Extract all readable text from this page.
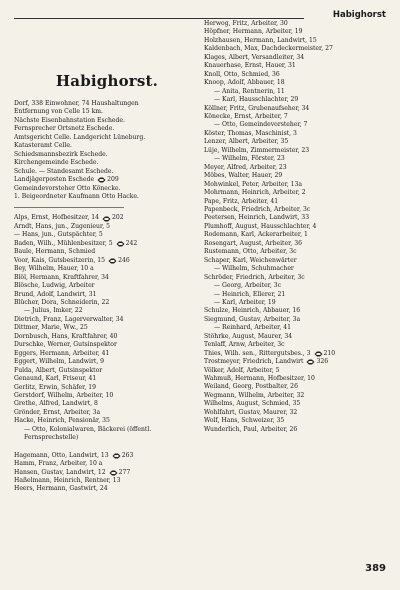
Habighorst
Habighorst.
Dorf, 338 Einwohner, 74 Haushaltungen
Entfernung von Celle 15 km.
Nächste Eisenbahnstation Eschede.
Fernsprecher Ortsnetz Eschede.
Amtsgericht Celle. Landgericht Lüneburg.
Katasteramt Celle.
Schiedsmannsbezirk Eschede.
Kirchengemeinde Eschede.
Schule. — Standesamt Eschede.
Landjägerposten Eschede 209
Gemeindevorsteher Otto Könecke.
1. Beigeordneter Kaufmann Otto Hacke.
Alps, Ernst, Hofbesitzer, 14 202
Arndt, Hans, jun., Zugenieur, 5
— Hans, jun., Gutspächter, 5
Baden, Wilh., Mühlenbesitzer, 5 242
Baule, Hermann, Schmied
Voor, Kais, Gutsbesitzerin, 15 246
Bey, Wilhelm, Hauer, 10 a
Blöl, Hermann, Kraftfahrer, 34
Blösche, Ludwig, Arbeiter
Brund, Adolf, Landwirt, 31
Blücher, Dora, Schneiderin, 22
— Julius, Imker, 22
Dietrich, Franz, Lagerverwalter, 34
Dittmer, Marie, Ww., 25
Dornbusch, Hans, Kraftfahrer, 40
Durschke, Werner, Gutsinspektor
Eggers, Hermann, Arbeiter, 41
Eggert, Wilhelm, Landwirt, 9
Fulda, Albert, Gutsinspektor
Genaund, Karl, Friseur, 41
Gerlitz, Erwin, Schäfer, 19
Gerstdorf, Wilhelm, Arbeiter, 10
Grethe, Alfred, Landwirt, 8
Grönder, Ernst, Arbeiter, 3a
Hacke, Heinrich, Pensionär, 35
— Otto, Kolonialwaren, Bäckerei (öffentl.
Fernsprechstelle)
Hagemann, Otto, Landwirt, 13 263
Hamm, Franz, Arbeiter, 10 a
Hansen, Gustav, Landwirt, 12 277
Haßelmann, Heinrich, Rentner, 13
Heers, Hermann, Gastwirt, 24
Herwog, Fritz, Arbeiter, 30
Höpfner, Hermann, Arbeiter, 19
Holzhausen, Hermann, Landwirt, 15
Kaldenbach, Max, Dachdeckermeister, 27
Klages, Albert, Versandleiter, 34
Knauerhase, Ernst, Hauer, 31
Knoll, Otto, Schmied, 36
Knoop, Adolf, Abbauer, 18
— Anita, Rentnerin, 11
— Karl, Hausschlachter, 29
Köllner, Fritz, Grubenaufseher, 34
Könecke, Ernst, Arbeiter, 7
— Otto, Gemeindevorsteher, 7
Köster, Thomas, Maschinist, 3
Lenzer, Albert, Arbeiter, 35
Lüje, Wilhelm, Zimmermeister, 23
— Wilhelm, Förster, 23
Meyer, Alfred, Arbeiter, 23
Möbes, Walter, Hauer, 29
Mohwinkel, Peter, Arbeiter, 13a
Mohrmann, Heinrich, Arbeiter, 2
Pape, Fritz, Arbeiter, 41
Papenbeck, Friedrich, Arbeiter, 3c
Peetersen, Heinrich, Landwirt, 33
Plumhoff, August, Hausschlachter, 4
Rodemann, Karl, Ackerarbeiter, 1
Rosengart, August, Arbeiter, 36
Rustemann, Otto, Arbeiter, 3c
Schaper, Karl, Weichenwärter
— Wilhelm, Schuhmacher
Schröder, Friedrich, Arbeiter, 3c
— Georg, Arbeiter, 3c
— Heinrich, Ellerer, 21
— Karl, Arbeiter, 19
Schulze, Heinrich, Abbauer, 16
Siegmund, Gustav, Arbeiter, 3a
— Reinhard, Arbeiter, 41
Stöhrke, August, Maurer, 34
Tenlaff, Arnw, Arbeiter, 3c
Thies, Wilh. sen., Rittergutsbes., 3 210
Trostmeyer, Friedrich, Landwirt 326
Völker, Adolf, Arbeiter, 5
Wahmuß, Hermann, Hofbesitzer, 10
Weiland, Georg, Postbalter, 26
Wegmann, Wilhelm, Arbeiter, 32
Wilhelms, August, Schmied, 35
Wohlfahrt, Gustav, Maurer, 32
Wolf, Hans, Schweizer, 35
Wunderlich, Paul, Arbeiter, 26
389
